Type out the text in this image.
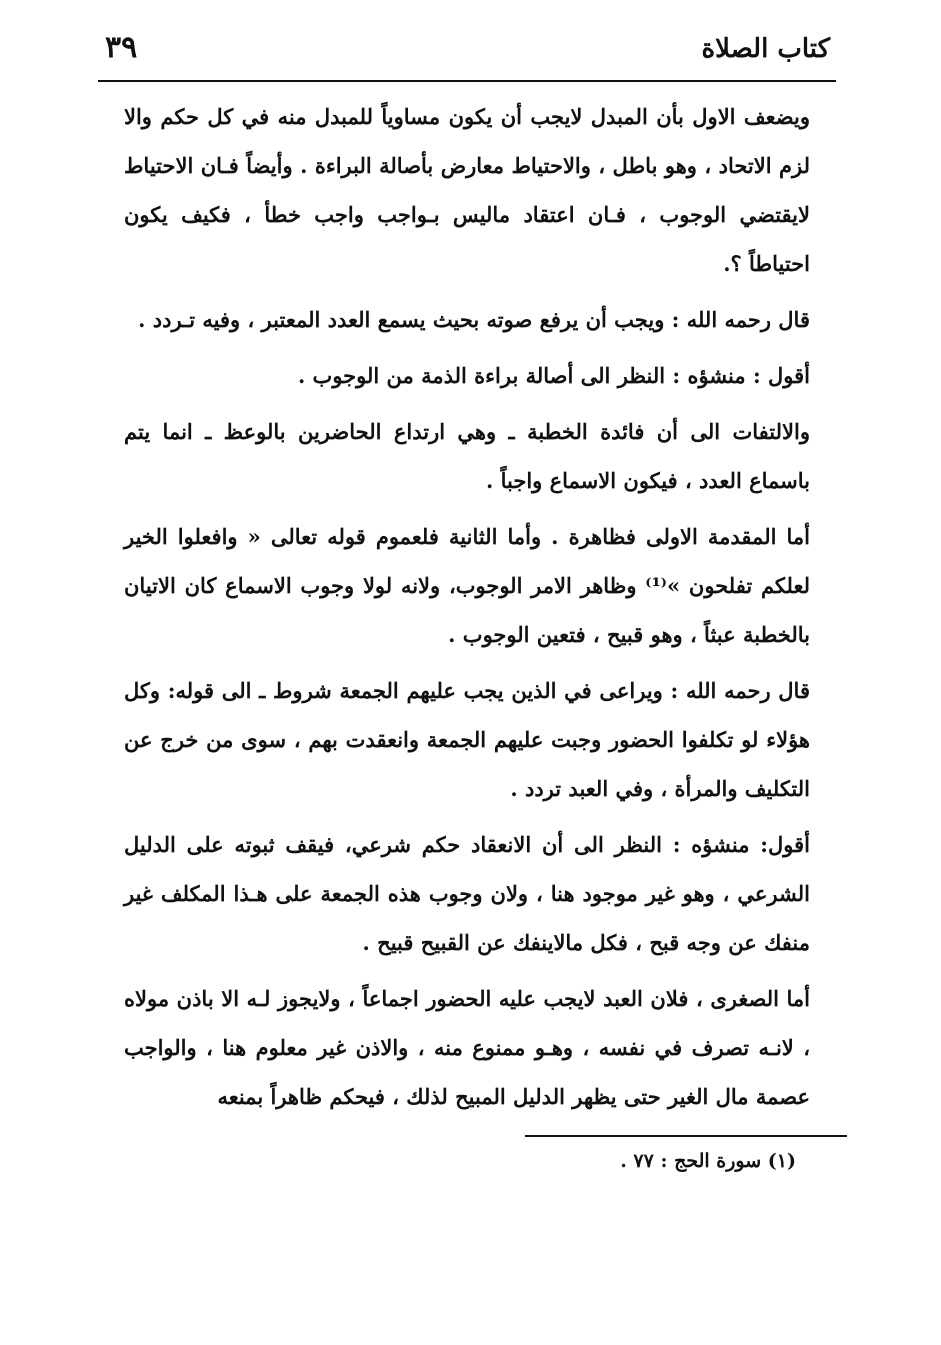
كتاب الصلاة
٣٩

ويضعف الاول بأن المبدل لايجب أن يكون مساوياً للمبدل منه في كل حكم والا لزم الاتحاد ، وهو باطل ، والاحتياط معارض بأصالة البراءة . وأيضاً فـان الاحتياط لايقتضي الوجوب ، فـان اعتقاد ماليس بـواجب واجب خطأ ، فكيف يكون احتياطاً ؟.

قال رحمه الله : ويجب أن يرفع صوته بحيث يسمع العدد المعتبر ، وفيه تـردد .

أقول : منشؤه : النظر الى أصالة براءة الذمة من الوجوب .

والالتفات الى أن فائدة الخطبة ـ وهي ارتداع الحاضرين بالوعظ ـ انما يتم باسماع العدد ، فيكون الاسماع واجباً .

أما المقدمة الاولى فظاهرة . وأما الثانية فلعموم قوله تعالى « وافعلوا الخير لعلكم تفلحون »⁽¹⁾ وظاهر الامر الوجوب، ولانه لولا وجوب الاسماع كان الاتيان بالخطبة عبثاً ، وهو قبيح ، فتعين الوجوب .

قال رحمه الله : ويراعى في الذين يجب عليهم الجمعة شروط ـ الى قوله: وكل هؤلاء لو تكلفوا الحضور وجبت عليهم الجمعة وانعقدت بهم ، سوى من خرج عن التكليف والمرأة ، وفي العبد تردد .

أقول: منشؤه : النظر الى أن الانعقاد حكم شرعي، فيقف ثبوته على الدليل الشرعي ، وهو غير موجود هنا ، ولان وجوب هذه الجمعة على هـذا المكلف غير منفك عن وجه قبح ، فكل مالاينفك عن القبيح قبيح .

أما الصغرى ، فلان العبد لايجب عليه الحضور اجماعاً ، ولايجوز لـه الا باذن مولاه ، لانـه تصرف في نفسه ، وهـو ممنوع منه ، والاذن غير معلوم هنا ، والواجب عصمة مال الغير حتى يظهر الدليل المبيح لذلك ، فيحكم ظاهراً بمنعه

(١) سورة الحج : ٧٧ .
